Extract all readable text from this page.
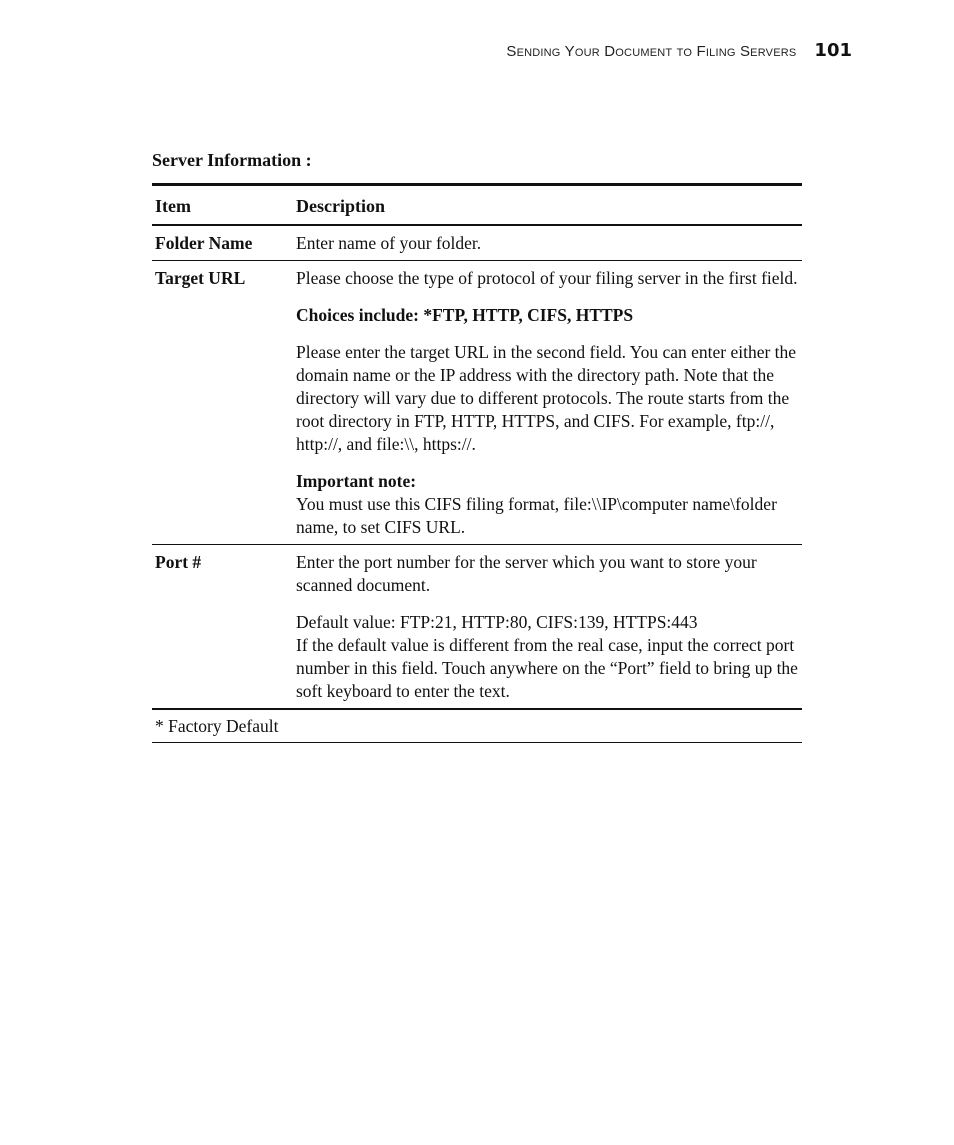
Sending Your Document to Filing Servers 101
Server Information :
Item	Description
Folder Name	Enter name of your folder.

Target URL	Please choose the type of protocol of your filing server in the first field.

Choices include: *FTP, HTTP, CIFS, HTTPS

Please enter the target URL in the second field. You can enter either the domain name or the IP address with the directory path. Note that the directory will vary due to different protocols. The route starts from the root directory in FTP, HTTP, HTTPS, and CIFS. For example, ftp://, http://, and file:\\, https://.

Important note:
You must use this CIFS filing format, file:\\IP\computer name\folder name, to set CIFS URL.

Port #	Enter the port number for the server which you want to store your scanned document.

Default value: FTP:21, HTTP:80, CIFS:139, HTTPS:443
If the default value is different from the real case, input the correct port number in this field. Touch anywhere on the “Port” field to bring up the soft keyboard to enter the text.

* Factory Default	
